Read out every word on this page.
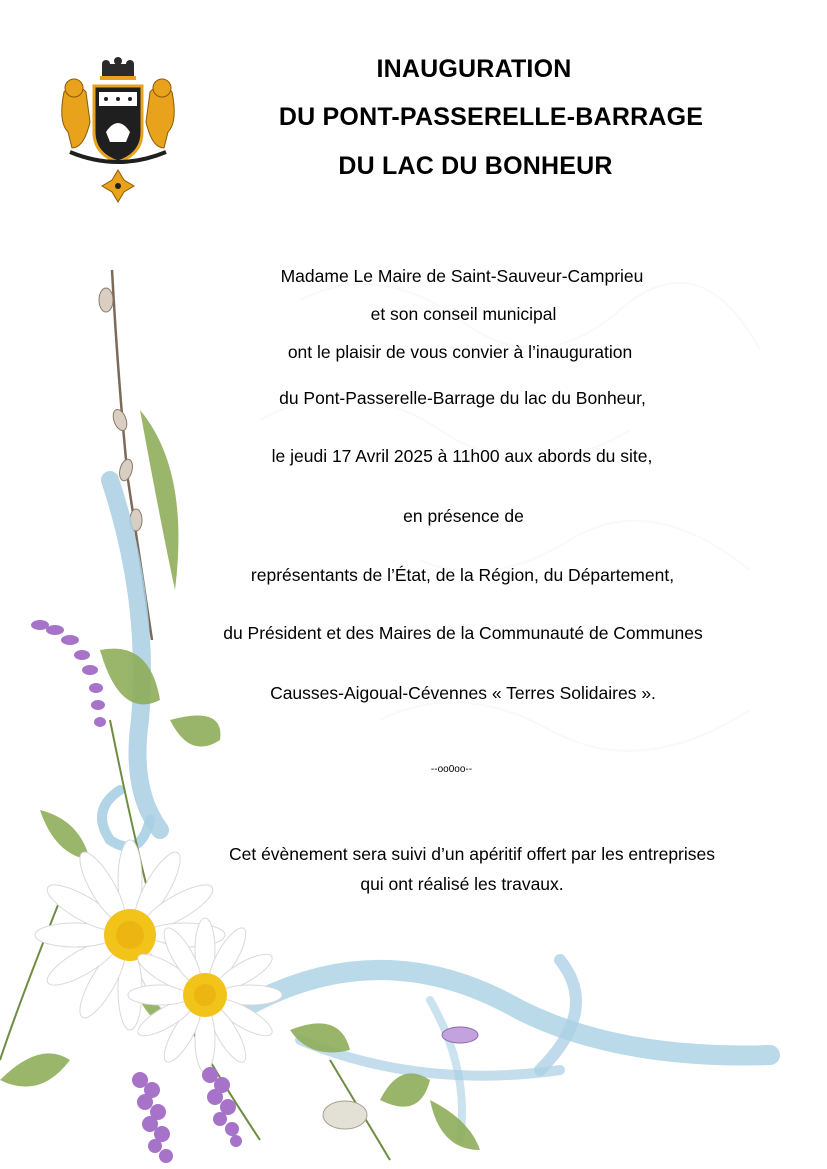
INAUGURATION
DU PONT-PASSERELLE-BARRAGE
DU LAC DU BONHEUR
Madame Le Maire de Saint-Sauveur-Camprieu
et son conseil municipal
ont le plaisir de vous convier à l’inauguration
du Pont-Passerelle-Barrage du lac du Bonheur,
le jeudi 17 Avril 2025 à 11h00 aux abords du site,
en présence de
représentants de l’État, de la Région, du Département,
du Président et des Maires de la Communauté de Communes
Causses-Aigoual-Cévennes « Terres Solidaires ».
--oo0oo--
Cet évènement sera suivi d’un apéritif offert par les entreprises
qui ont réalisé les travaux.
